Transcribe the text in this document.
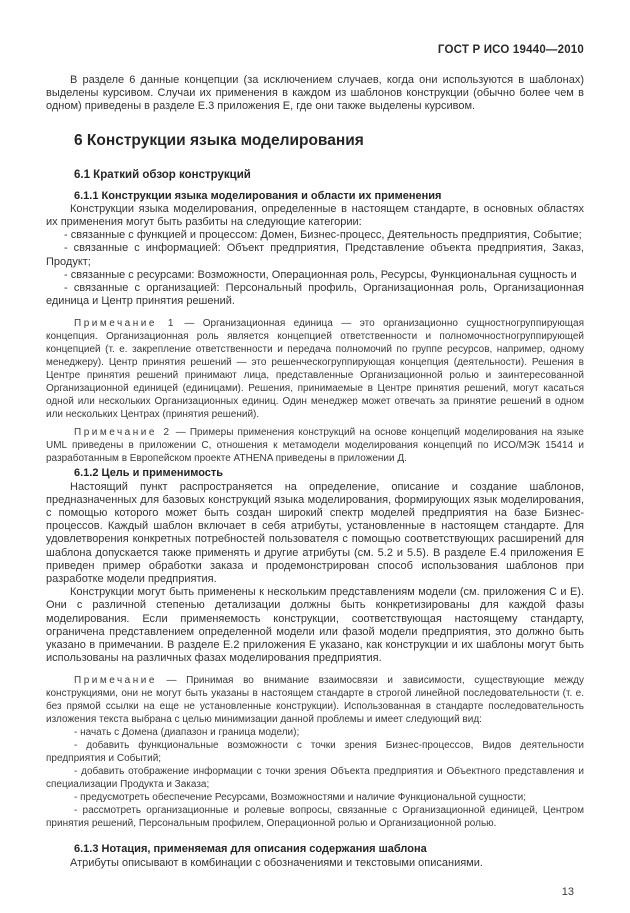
ГОСТ Р ИСО 19440—2010

В разделе 6 данные концепции (за исключением случаев, когда они используются в шаблонах) выделены курсивом. Случаи их применения в каждом из шаблонов конструкции (обычно более чем в одном) приведены в разделе Е.3 приложения Е, где они также выделены курсивом.

6 Конструкции языка моделирования
6.1 Краткий обзор конструкций
6.1.1 Конструкции языка моделирования и области их применения

Конструкции языка моделирования, определенные в настоящем стандарте, в основных областях их применения могут быть разбиты на следующие категории:

- связанные с функцией и процессом: Домен, Бизнес-процесс, Деятельность предприятия, Событие;

- связанные с информацией: Объект предприятия, Представление объекта предприятия, Заказ, Продукт;

- связанные с ресурсами: Возможности, Операционная роль, Ресурсы, Функциональная сущность и

- связанные с организацией: Персональный профиль, Организационная роль, Организационная единица и Центр принятия решений.

Примечание 1 — Организационная единица — это организационно сущностногруппирующая концепция. Организационная роль является концепцией ответственности и полномочностногруппирующей концепцией (т. е. закрепление ответственности и передача полномочий по группе ресурсов, например, одному менеджеру). Центр принятия решений — это решенческогруппирующая концепция (деятельности). Решения в Центре принятия решений принимают лица, представленные Организационной ролью и заинтересованной Организационной единицей (единицами). Решения, принимаемые в Центре принятия решений, могут касаться одной или нескольких Организационных единиц. Один менеджер может отвечать за принятие решений в одном или нескольких Центрах (принятия решений).

Примечание 2 — Примеры применения конструкций на основе концепций моделирования на языке UML приведены в приложении С, отношения к метамодели моделирования концепций по ИСО/МЭК 15414 и разработанным в Европейском проекте ATHENA приведены в приложении Д.

6.1.2 Цель и применимость

Настоящий пункт распространяется на определение, описание и создание шаблонов, предназначенных для базовых конструкций языка моделирования, формирующих язык моделирования, с помощью которого может быть создан широкий спектр моделей предприятия на базе Бизнес-процессов. Каждый шаблон включает в себя атрибуты, установленные в настоящем стандарте. Для удовлетворения конкретных потребностей пользователя с помощью соответствующих расширений для шаблона допускается также применять и другие атрибуты (см. 5.2 и 5.5). В разделе Е.4 приложения Е приведен пример обработки заказа и продемонстрирован способ использования шаблонов при разработке модели предприятия.

Конструкции могут быть применены к нескольким представлениям модели (см. приложения С и Е). Они с различной степенью детализации должны быть конкретизированы для каждой фазы моделирования. Если применяемость конструкции, соответствующая настоящему стандарту, ограничена представлением определенной модели или фазой модели предприятия, это должно быть указано в примечании. В разделе Е.2 приложения Е указано, как конструкции и их шаблоны могут быть использованы на различных фазах моделирования предприятия.

Примечание — Принимая во внимание взаимосвязи и зависимости, существующие между конструкциями, они не могут быть указаны в настоящем стандарте в строгой линейной последовательности (т. е. без прямой ссылки на еще не установленные конструкции). Использованная в стандарте последовательность изложения текста выбрана с целью минимизации данной проблемы и имеет следующий вид:

- начать с Домена (диапазон и граница модели);

- добавить функциональные возможности с точки зрения Бизнес-процессов, Видов деятельности предприятия и Событий;

- добавить отображение информации с точки зрения Объекта предприятия и Объектного представления и специализации Продукта и Заказа;

- предусмотреть обеспечение Ресурсами, Возможностями и наличие Функциональной сущности;

- рассмотреть организационные и ролевые вопросы, связанные с Организационной единицей, Центром принятия решений, Персональным профилем, Операционной ролью и Организационной ролью.

6.1.3 Нотация, применяемая для описания содержания шаблона

Атрибуты описывают в комбинации с обозначениями и текстовыми описаниями.

13
